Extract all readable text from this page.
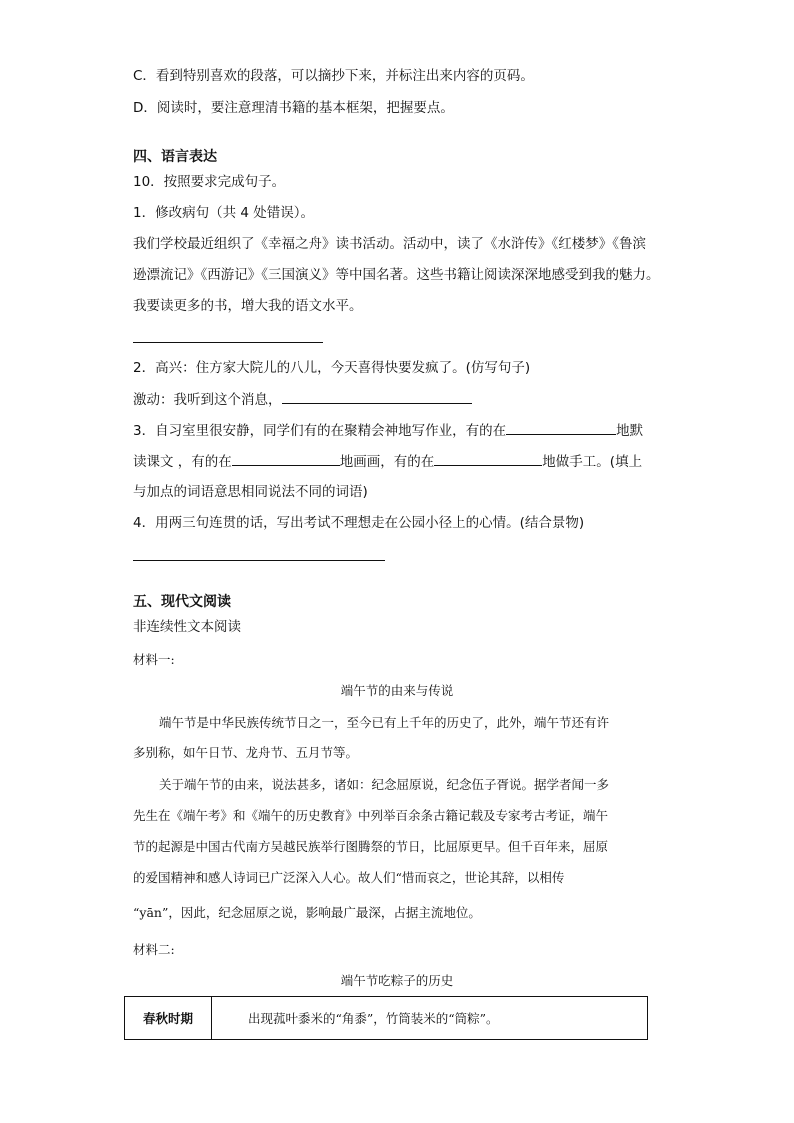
C．看到特别喜欢的段落，可以摘抄下来，并标注出来内容的页码。
D．阅读时，要注意理清书籍的基本框架，把握要点。
四、语言表达
10．按照要求完成句子。
1．修改病句（共 4 处错误）。
我们学校最近组织了《幸福之舟》读书活动。活动中，读了《水浒传》《红楼梦》《鲁滨
逊漂流记》《西游记》《三国演义》等中国名著。这些书籍让阅读深深地感受到我的魅力。
我要读更多的书，增大我的语文水平。
2．高兴：住方家大院儿的八儿，今天喜得快要发疯了。(仿写句子)
激动：我听到这个消息，
3．自习室里很安静，同学们有的在聚精会神地写作业，有的在	地默
读课文 ，有的在	地画画，有的在	地做手工。(填上
与加点的词语意思相同说法不同的词语)
4．用两三句连贯的话，写出考试不理想走在公园小径上的心情。(结合景物)
五、现代文阅读
非连续性文本阅读
材料一:
端午节的由来与传说
端午节是中华民族传统节日之一，至今已有上千年的历史了，此外，端午节还有许
多别称，如午日节、龙舟节、五月节等。
关于端午节的由来，说法甚多，诸如：纪念屈原说，纪念伍子胥说。据学者闻一多
先生在《端午考》和《端午的历史教育》中列举百余条古籍记载及专家考古考证，端午
节的起源是中国古代南方吴越民族举行图腾祭的节日，比屈原更早。但千百年来，屈原
的爱国精神和感人诗词已广泛深入人心。故人们“惜而哀之，世论其辞，以相传
“yān”，因此，纪念屈原之说，影响最广最深，占据主流地位。
材料二:
端午节吃粽子的历史
春秋时期	出现菰叶黍米的“角黍”，竹筒装米的“筒粽”。
